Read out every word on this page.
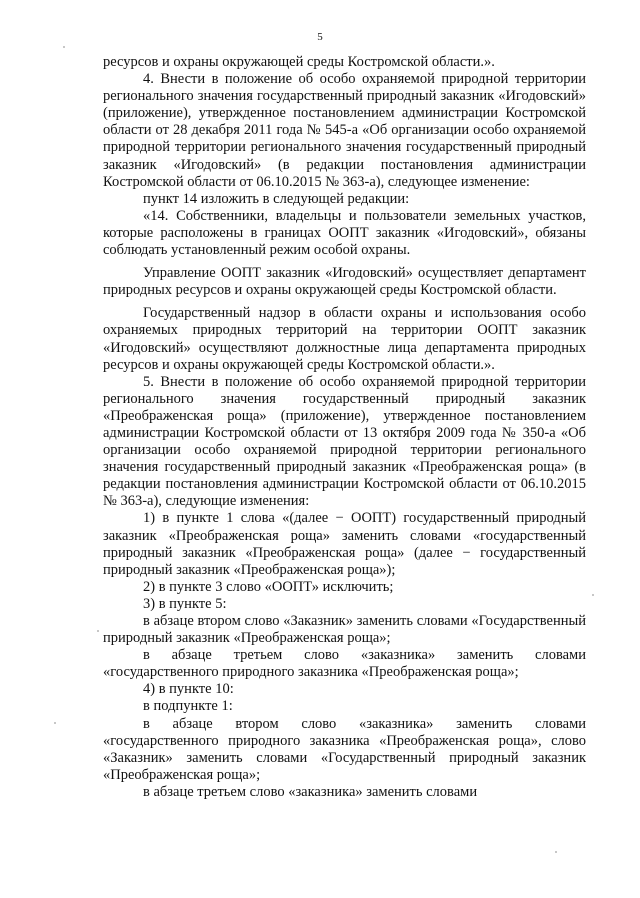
5

ресурсов и охраны окружающей среды Костромской области.».

4. Внести в положение об особо охраняемой природной территории регионального значения государственный природный заказник «Игодовский» (приложение), утвержденное постановлением администрации Костромской области от 28 декабря 2011 года № 545-а «Об организации особо охраняемой природной территории регионального значения государственный природный заказник «Игодовский» (в редакции постановления администрации Костромской области от 06.10.2015 № 363-а), следующее изменение:

пункт 14 изложить в следующей редакции:

«14. Собственники, владельцы и пользователи земельных участков, которые расположены в границах ООПТ заказник «Игодовский», обязаны соблюдать установленный режим особой охраны.

Управление ООПТ заказник «Игодовский» осуществляет департамент природных ресурсов и охраны окружающей среды Костромской области.

Государственный надзор в области охраны и использования особо охраняемых природных территорий на территории ООПТ заказник «Игодовский» осуществляют должностные лица департамента природных ресурсов и охраны окружающей среды Костромской области.».

5. Внести в положение об особо охраняемой природной территории регионального значения государственный природный заказник «Преображенская роща» (приложение), утвержденное постановлением администрации Костромской области от 13 октября 2009 года № 350-а «Об организации особо охраняемой природной территории регионального значения государственный природный заказник «Преображенская роща» (в редакции постановления администрации Костромской области от 06.10.2015 № 363-а), следующие изменения:

1) в пункте 1 слова «(далее − ООПТ) государственный природный заказник «Преображенская роща» заменить словами «государственный природный заказник «Преображенская роща» (далее − государственный природный заказник «Преображенская роща»);

2) в пункте 3 слово «ООПТ» исключить;

3) в пункте 5:

в абзаце втором слово «Заказник» заменить словами «Государственный природный заказник «Преображенская роща»;

в абзаце третьем слово «заказника» заменить словами «государственного природного заказника «Преображенская роща»;

4) в пункте 10:

в подпункте 1:

в абзаце втором слово «заказника» заменить словами «государственного природного заказника «Преображенская роща», слово «Заказник» заменить словами «Государственный природный заказник «Преображенская роща»;

в абзаце третьем слово «заказника» заменить словами
